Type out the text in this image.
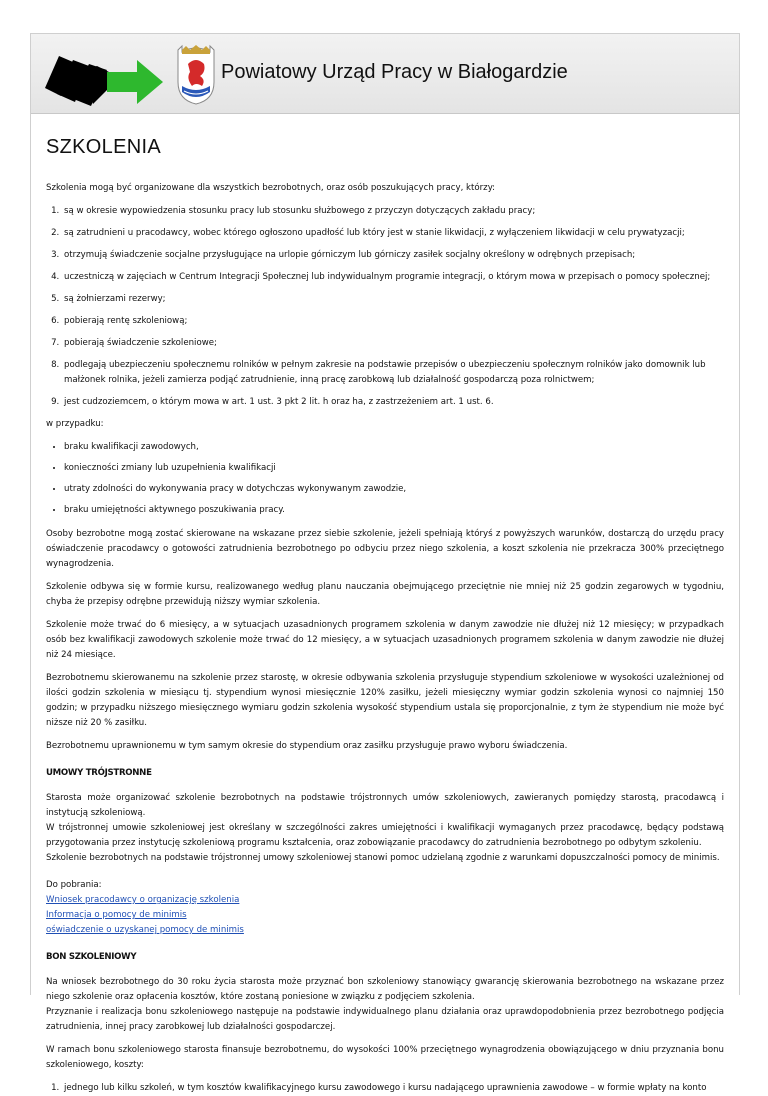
Powiatowy Urząd Pracy w Białogardzie
SZKOLENIA

Szkolenia mogą być organizowane dla wszystkich bezrobotnych, oraz osób poszukujących pracy, którzy:

1. są w okresie wypowiedzenia stosunku pracy lub stosunku służbowego z przyczyn dotyczących zakładu pracy;
2. są zatrudnieni u pracodawcy, wobec którego ogłoszono upadłość lub który jest w stanie likwidacji, z wyłączeniem likwidacji w celu prywatyzacji;
3. otrzymują świadczenie socjalne przysługujące na urlopie górniczym lub górniczy zasiłek socjalny określony w odrębnych przepisach;
4. uczestniczą w zajęciach w Centrum Integracji Społecznej lub indywidualnym programie integracji, o którym mowa w przepisach o pomocy społecznej;
5. są żołnierzami rezerwy;
6. pobierają rentę szkoleniową;
7. pobierają świadczenie szkoleniowe;
8. podlegają ubezpieczeniu społecznemu rolników w pełnym zakresie na podstawie przepisów o ubezpieczeniu społecznym rolników jako domownik lub małżonek rolnika, jeżeli zamierza podjąć zatrudnienie, inną pracę zarobkową lub działalność gospodarczą poza rolnictwem;
9. jest cudzoziemcem, o którym mowa w art. 1 ust. 3 pkt 2 lit. h oraz ha, z zastrzeżeniem art. 1 ust. 6.

w przypadku:

• braku kwalifikacji zawodowych,
• konieczności zmiany lub uzupełnienia kwalifikacji
• utraty zdolności do wykonywania pracy w dotychczas wykonywanym zawodzie,
• braku umiejętności aktywnego poszukiwania pracy.

Osoby bezrobotne mogą zostać skierowane na wskazane przez siebie szkolenie, jeżeli spełniają któryś z powyższych warunków, dostarczą do urzędu pracy oświadczenie pracodawcy o gotowości zatrudnienia bezrobotnego po odbyciu przez niego szkolenia, a koszt szkolenia nie przekracza 300% przeciętnego wynagrodzenia.

Szkolenie odbywa się w formie kursu, realizowanego według planu nauczania obejmującego przeciętnie nie mniej niż 25 godzin zegarowych w tygodniu, chyba że przepisy odrębne przewidują niższy wymiar szkolenia.

Szkolenie może trwać do 6 miesięcy, a w sytuacjach uzasadnionych programem szkolenia w danym zawodzie nie dłużej niż 12 miesięcy; w przypadkach osób bez kwalifikacji zawodowych szkolenie może trwać do 12 miesięcy, a w sytuacjach uzasadnionych programem szkolenia w danym zawodzie nie dłużej niż 24 miesiące.

Bezrobotnemu skierowanemu na szkolenie przez starostę, w okresie odbywania szkolenia przysługuje stypendium szkoleniowe w wysokości uzależnionej od ilości godzin szkolenia w miesiącu tj. stypendium wynosi miesięcznie 120% zasiłku, jeżeli miesięczny wymiar godzin szkolenia wynosi co najmniej 150 godzin; w przypadku niższego miesięcznego wymiaru godzin szkolenia wysokość stypendium ustala się proporcjonalnie, z tym że stypendium nie może być niższe niż 20 % zasiłku.

Bezrobotnemu uprawnionemu w tym samym okresie do stypendium oraz zasiłku przysługuje prawo wyboru świadczenia.

UMOWY TRÓJSTRONNE

Starosta może organizować szkolenie bezrobotnych na podstawie trójstronnych umów szkoleniowych, zawieranych pomiędzy starostą, pracodawcą i instytucją szkoleniową.
W trójstronnej umowie szkoleniowej jest określany w szczególności zakres umiejętności i kwalifikacji wymaganych przez pracodawcę, będący podstawą przygotowania przez instytucję szkoleniową programu kształcenia, oraz zobowiązanie pracodawcy do zatrudnienia bezrobotnego po odbytym szkoleniu.
Szkolenie bezrobotnych na podstawie trójstronnej umowy szkoleniowej stanowi pomoc udzielaną zgodnie z warunkami dopuszczalności pomocy de minimis.

Do pobrania:
Wniosek pracodawcy o organizację szkolenia
Informacja o pomocy de minimis
oświadczenie o uzyskanej pomocy de minimis

BON SZKOLENIOWY

Na wniosek bezrobotnego do 30 roku życia starosta może przyznać bon szkoleniowy stanowiący gwarancję skierowania bezrobotnego na wskazane przez niego szkolenie oraz opłacenia kosztów, które zostaną poniesione w związku z podjęciem szkolenia.
Przyznanie i realizacja bonu szkoleniowego następuje na podstawie indywidualnego planu działania oraz uprawdopodobnienia przez bezrobotnego podjęcia zatrudnienia, innej pracy zarobkowej lub działalności gospodarczej.

W ramach bonu szkoleniowego starosta finansuje bezrobotnemu, do wysokości 100% przeciętnego wynagrodzenia obowiązującego w dniu przyznania bonu szkoleniowego, koszty:

1. jednego lub kilku szkoleń, w tym kosztów kwalifikacyjnego kursu zawodowego i kursu nadającego uprawnienia zawodowe – w formie wpłaty na konto
